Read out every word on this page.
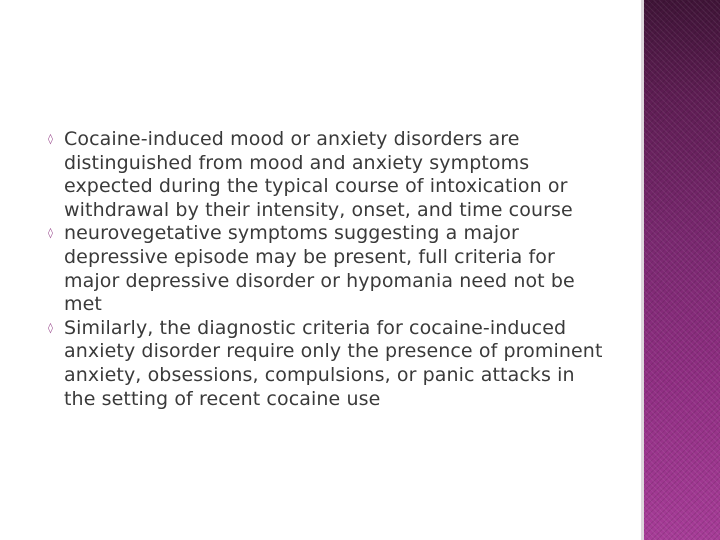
◊ Cocaine-induced mood or anxiety disorders are distinguished from mood and anxiety symptoms expected during the typical course of intoxication or withdrawal by their intensity, onset, and time course
◊ neurovegetative symptoms suggesting a major depressive episode may be present, full criteria for major depressive disorder or hypomania need not be met
◊ Similarly, the diagnostic criteria for cocaine-induced anxiety disorder require only the presence of prominent anxiety, obsessions, compulsions, or panic attacks in the setting of recent cocaine use
